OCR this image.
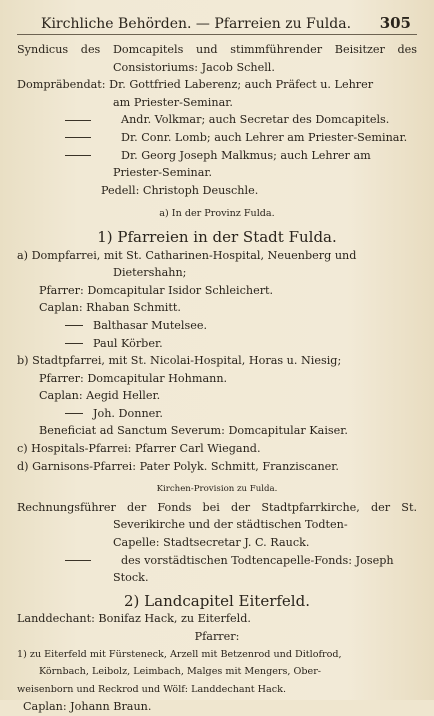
Kirchliche Behörden. — Pfarreien zu Fulda. 305
Syndicus des Domcapitels und stimmführender Beisitzer des
Consistoriums: Jacob Schell.
Dompräbendat: Dr. Gottfried Laberenz; auch Präfect u. Lehrer
am Priester-Seminar.
Andr. Volkmar; auch Secretar des Domcapitels.
Dr. Conr. Lomb; auch Lehrer am Priester-Seminar.
Dr. Georg Joseph Malkmus; auch Lehrer am
Priester-Seminar.
Pedell: Christoph Deuschle.
a) In der Provinz Fulda.
1) Pfarreien in der Stadt Fulda.
a) Dompfarrei, mit St. Catharinen-Hospital, Neuenberg und
Dietershahn;
Pfarrer: Domcapitular Isidor Schleichert.
Caplan: Rhaban Schmitt.
Balthasar Mutelsee.
Paul Körber.
b) Stadtpfarrei, mit St. Nicolai-Hospital, Horas u. Niesig;
Pfarrer: Domcapitular Hohmann.
Caplan: Aegid Heller.
Joh. Donner.
Beneficiat ad Sanctum Severum: Domcapitular Kaiser.
c) Hospitals-Pfarrei: Pfarrer Carl Wiegand.
d) Garnisons-Pfarrei: Pater Polyk. Schmitt, Franziscaner.
Kirchen-Provision zu Fulda.
Rechnungsführer der Fonds bei der Stadtpfarrkirche, der St.
Severikirche und der städtischen Todten-
Capelle: Stadtsecretar J. C. Rauck.
des vorstädtischen Todtencapelle-Fonds: Joseph
Stock.
2) Landcapitel Eiterfeld.
Landdechant: Bonifaz Hack, zu Eiterfeld.
Pfarrer:
1) zu Eiterfeld mit Fürsteneck, Arzell mit Betzenrod und Ditlofrod,
Körnbach, Leibolz, Leimbach, Malges mit Mengers, Ober-
weisenborn und Reckrod und Wölf: Landdechant Hack.
Caplan: Johann Braun.
